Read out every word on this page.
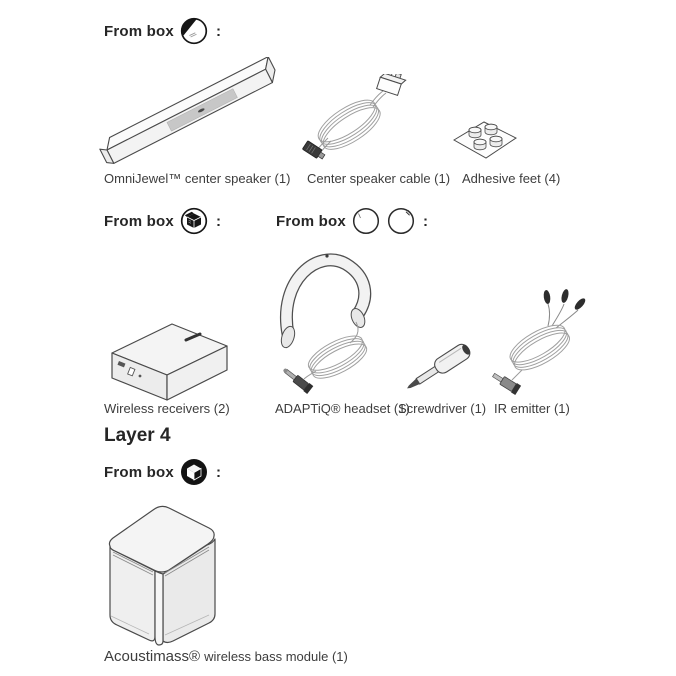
From box	:
OmniJewel™ center speaker (1) Center speaker cable (1) Adhesive feet (4)
From box	:	From box	:
Wireless receivers (2)	ADAPTiQ® headset (1)
Screwdriver (1) IR emitter (1)
Layer 4
From box	:
Acoustimass® wireless bass module (1)
